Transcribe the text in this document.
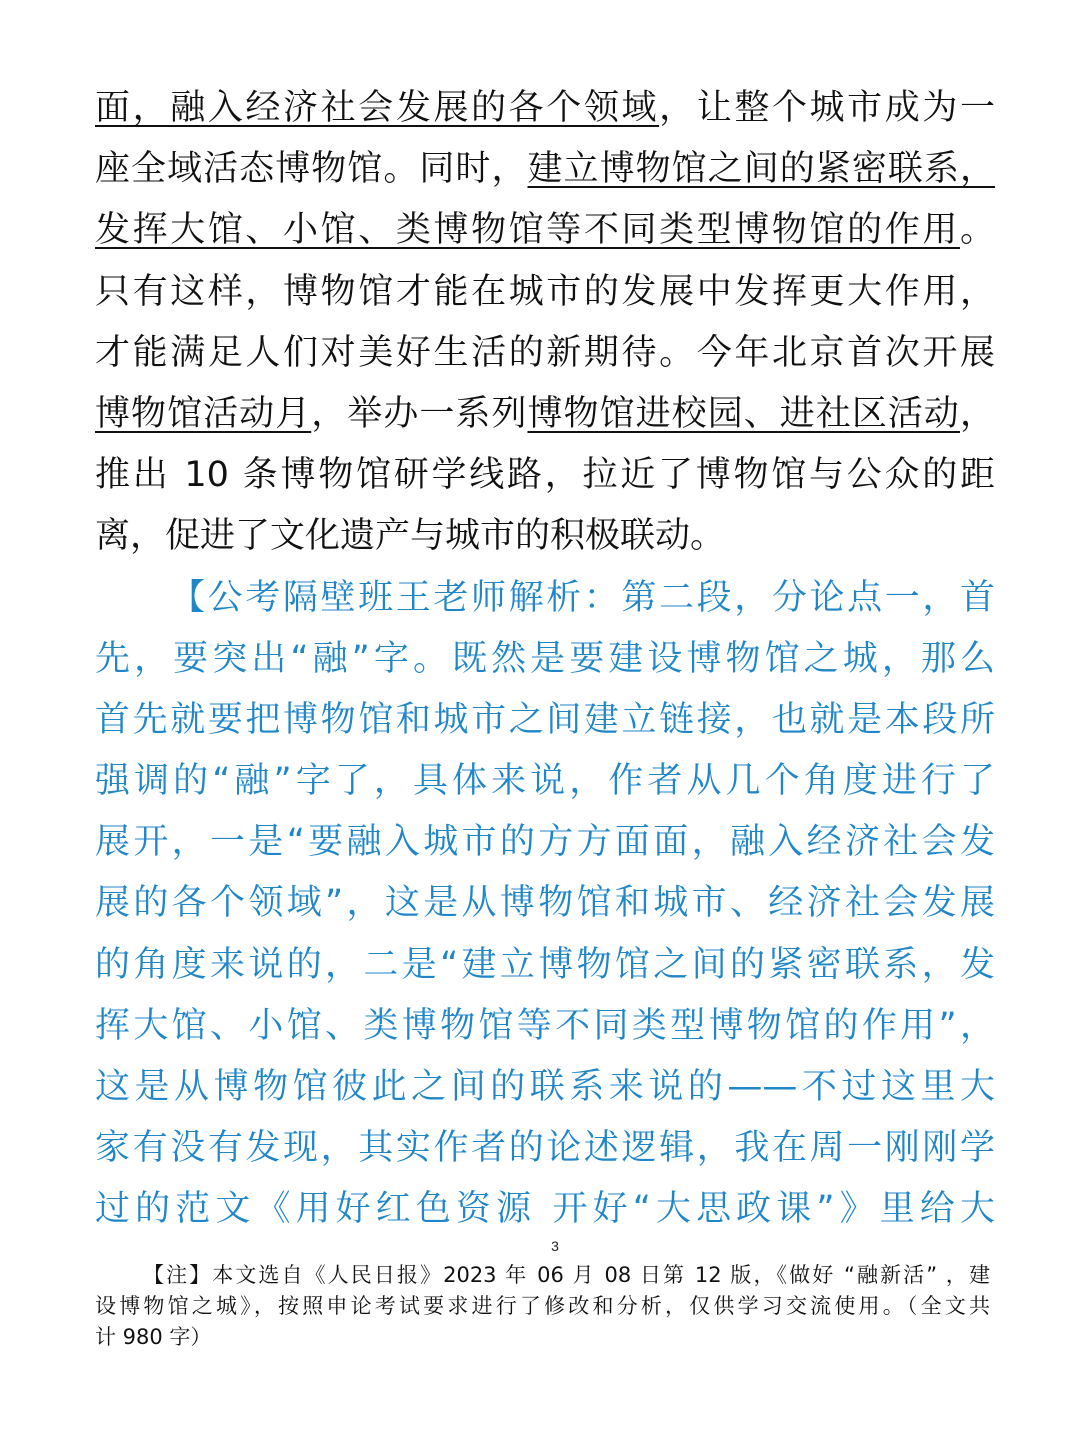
面，融入经济社会发展的各个领域，让整个城市成为一
座全域活态博物馆。同时，建立博物馆之间的紧密联系，
发挥大馆、小馆、类博物馆等不同类型博物馆的作用。
只有这样，博物馆才能在城市的发展中发挥更大作用，
才能满足人们对美好生活的新期待。今年北京首次开展
博物馆活动月，举办一系列博物馆进校园、进社区活动，
推出 10 条博物馆研学线路，拉近了博物馆与公众的距
离，促进了文化遗产与城市的积极联动。
【公考隔壁班王老师解析：第二段，分论点一，首
先，要突出“融”字。既然是要建设博物馆之城，那么
首先就要把博物馆和城市之间建立链接，也就是本段所
强调的“融”字了，具体来说，作者从几个角度进行了
展开，一是“要融入城市的方方面面，融入经济社会发
展的各个领域”，这是从博物馆和城市、经济社会发展
的角度来说的，二是“建立博物馆之间的紧密联系，发
挥大馆、小馆、类博物馆等不同类型博物馆的作用”，
这是从博物馆彼此之间的联系来说的——不过这里大
家有没有发现，其实作者的论述逻辑，我在周一刚刚学
过的范文《用好红色资源 开好“大思政课”》里给大
3
【注】本文选自《人民日报》2023 年 06 月 08 日第 12 版，《做好 “融新活” ，建
设博物馆之城》，按照申论考试要求进行了修改和分析，仅供学习交流使用。（全文共
计 980 字）
